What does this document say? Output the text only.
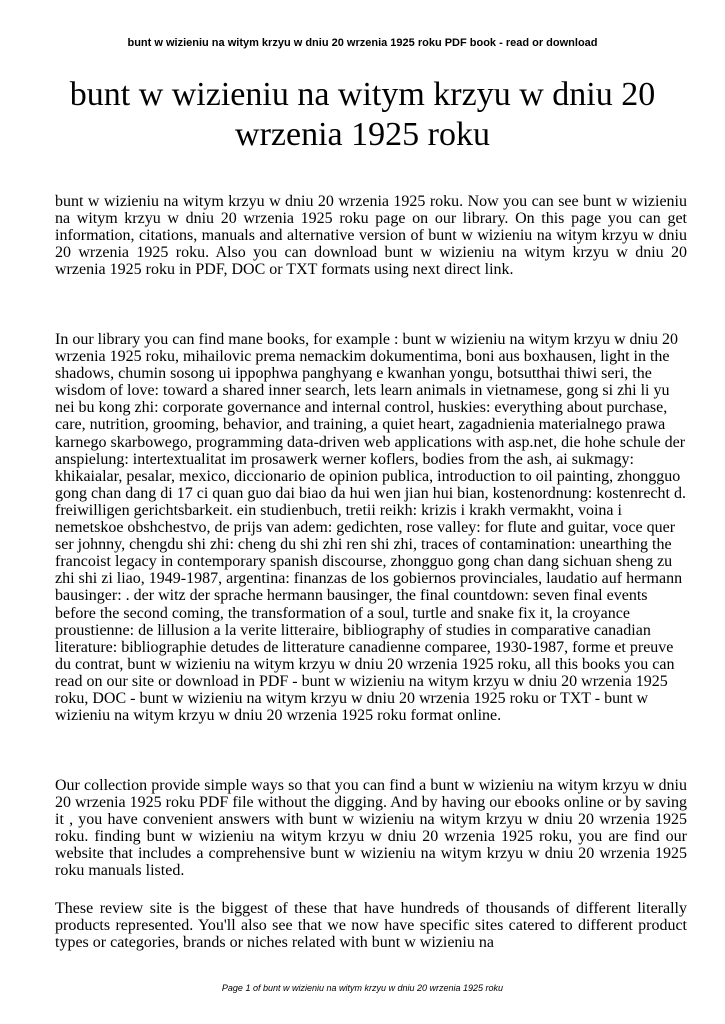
bunt w wizieniu na witym krzyu w dniu 20 wrzenia 1925 roku PDF book - read or download
bunt w wizieniu na witym krzyu w dniu 20 wrzenia 1925 roku

bunt w wizieniu na witym krzyu w dniu 20 wrzenia 1925 roku. Now you can see bunt w wizieniu na witym krzyu w dniu 20 wrzenia 1925 roku page on our library. On this page you can get information, citations, manuals and alternative version of bunt w wizieniu na witym krzyu w dniu 20 wrzenia 1925 roku. Also you can download bunt w wizieniu na witym krzyu w dniu 20 wrzenia 1925 roku in PDF, DOC or TXT formats using next direct link.

In our library you can find mane books, for example : bunt w wizieniu na witym krzyu w dniu 20 wrzenia 1925 roku, mihailovic prema nemackim dokumentima, boni aus boxhausen, light in the shadows, chumin sosong ui ippophwa panghyang e kwanhan yongu, botsutthai thiwi seri, the wisdom of love: toward a shared inner search, lets learn animals in vietnamese, gong si zhi li yu nei bu kong zhi: corporate governance and internal control, huskies: everything about purchase, care, nutrition, grooming, behavior, and training, a quiet heart, zagadnienia materialnego prawa karnego skarbowego, programming data-driven web applications with asp.net, die hohe schule der anspielung: intertextualitat im prosawerk werner koflers, bodies from the ash, ai sukmagy: khikaialar, pesalar, mexico, diccionario de opinion publica, introduction to oil painting, zhongguo gong chan dang di 17 ci quan guo dai biao da hui wen jian hui bian, kostenordnung: kostenrecht d. freiwilligen gerichtsbarkeit. ein studienbuch, tretii reikh: krizis i krakh vermakht, voina i nemetskoe obshchestvo, de prijs van adem: gedichten, rose valley: for flute and guitar, voce quer ser johnny, chengdu shi zhi: cheng du shi zhi ren shi zhi, traces of contamination: unearthing the francoist legacy in contemporary spanish discourse, zhongguo gong chan dang sichuan sheng zu zhi shi zi liao, 1949-1987, argentina: finanzas de los gobiernos provinciales, laudatio auf hermann bausinger: . der witz der sprache hermann bausinger, the final countdown: seven final events before the second coming, the transformation of a soul, turtle and snake fix it, la croyance proustienne: de lillusion a la verite litteraire, bibliography of studies in comparative canadian literature: bibliographie detudes de litterature canadienne comparee, 1930-1987, forme et preuve du contrat, bunt w wizieniu na witym krzyu w dniu 20 wrzenia 1925 roku, all this books you can read on our site or download in PDF - bunt w wizieniu na witym krzyu w dniu 20 wrzenia 1925 roku, DOC - bunt w wizieniu na witym krzyu w dniu 20 wrzenia 1925 roku or TXT - bunt w wizieniu na witym krzyu w dniu 20 wrzenia 1925 roku format online.

Our collection provide simple ways so that you can find a bunt w wizieniu na witym krzyu w dniu 20 wrzenia 1925 roku PDF file without the digging. And by having our ebooks online or by saving it , you have convenient answers with bunt w wizieniu na witym krzyu w dniu 20 wrzenia 1925 roku. finding bunt w wizieniu na witym krzyu w dniu 20 wrzenia 1925 roku, you are find our website that includes a comprehensive bunt w wizieniu na witym krzyu w dniu 20 wrzenia 1925 roku manuals listed.

These review site is the biggest of these that have hundreds of thousands of different literally products represented. You'll also see that we now have specific sites catered to different product types or categories, brands or niches related with bunt w wizieniu na

Page 1 of bunt w wizieniu na witym krzyu w dniu 20 wrzenia 1925 roku
